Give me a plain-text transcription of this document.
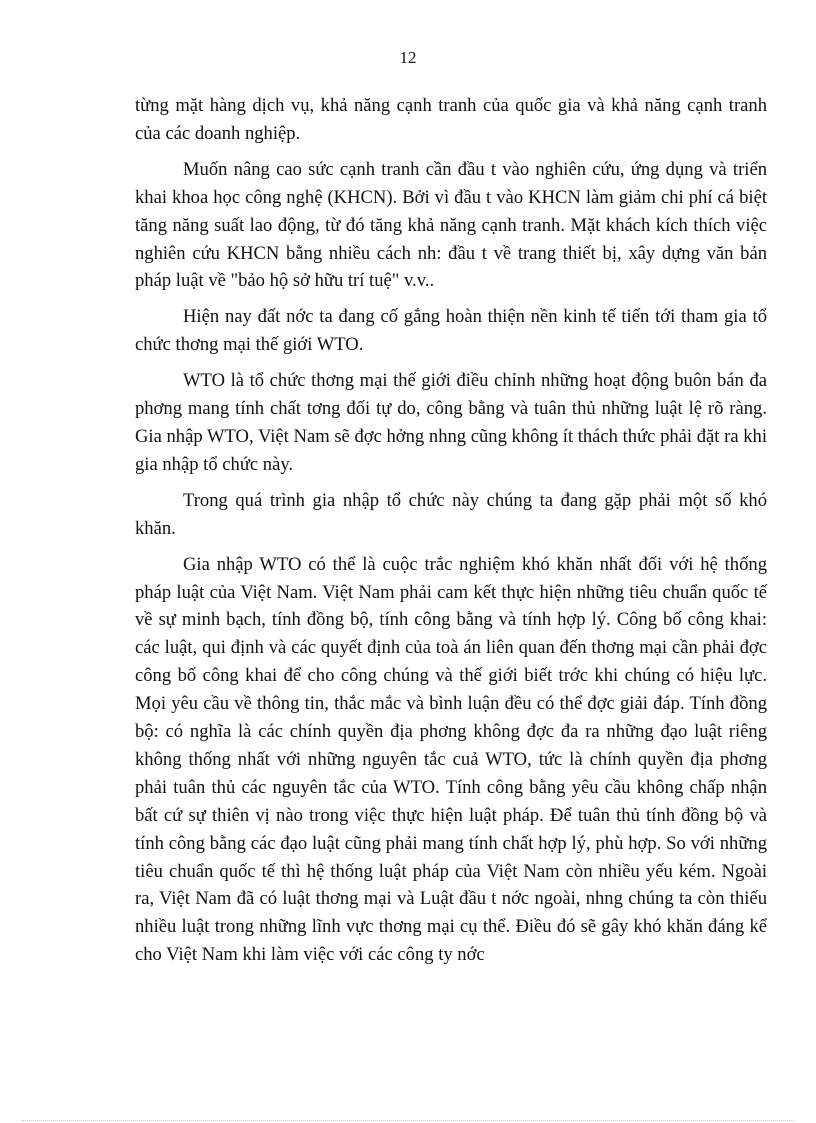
12

từng mặt hàng dịch vụ, khả năng cạnh tranh của quốc gia và khả năng cạnh tranh của các doanh nghiệp.

Muốn nâng cao sức cạnh tranh cần đầu t vào nghiên cứu, ứng dụng và triển khai khoa học công nghệ (KHCN). Bởi vì đầu t vào KHCN làm giảm chi phí cá biệt tăng năng suất lao động, từ đó tăng khả năng cạnh tranh. Mặt khách kích thích việc nghiên cứu KHCN bằng nhiều cách nh: đầu t về trang thiết bị, xây dựng văn bản pháp luật về "bảo hộ sở hữu trí tuệ" v.v..

Hiện nay đất nớc ta đang cố gắng hoàn thiện nền kinh tế tiến tới tham gia tổ chức thơng mại thế giới WTO.

WTO là tổ chức thơng mại thế giới điều chỉnh những hoạt động buôn bán đa phơng mang tính chất tơng đối tự do, công bằng và tuân thủ những luật lệ rõ ràng. Gia nhập WTO, Việt Nam sẽ đợc hởng nhng cũng không ít thách thức phải đặt ra khi gia nhập tổ chức này.

Trong quá trình gia nhập tổ chức này chúng ta đang gặp phải một số khó khăn.

Gia nhập WTO có thể là cuộc trắc nghiệm khó khăn nhất đối với hệ thống pháp luật của Việt Nam. Việt Nam phải cam kết thực hiện những tiêu chuẩn quốc tế về sự minh bạch, tính đồng bộ, tính công bằng và tính hợp lý. Công bố công khai: các luật, qui định và các quyết định của toà án liên quan đến thơng mại cần phải đợc công bố công khai để cho công chúng và thế giới biết trớc khi chúng có hiệu lực. Mọi yêu cầu về thông tin, thắc mắc và bình luận đều có thể đợc giải đáp. Tính đồng bộ: có nghĩa là các chính quyền địa phơng không đợc đa ra những đạo luật riêng không thống nhất với những nguyên tắc cuả WTO, tức là chính quyền địa phơng phải tuân thủ các nguyên tắc của WTO. Tính công bằng yêu cầu không chấp nhận bất cứ sự thiên vị nào trong việc thực hiện luật pháp. Để tuân thủ tính đồng bộ và tính công bằng các đạo luật cũng phải mang tính chất hợp lý, phù hợp. So với những tiêu chuẩn quốc tế thì hệ thống luật pháp của Việt Nam còn nhiều yếu kém. Ngoài ra, Việt Nam đã có luật thơng mại và Luật đầu t nớc ngoài, nhng chúng ta còn thiếu nhiều luật trong những lĩnh vực thơng mại cụ thể. Điều đó sẽ gây khó khăn đáng kể cho Việt Nam khi làm việc với các công ty nớc
